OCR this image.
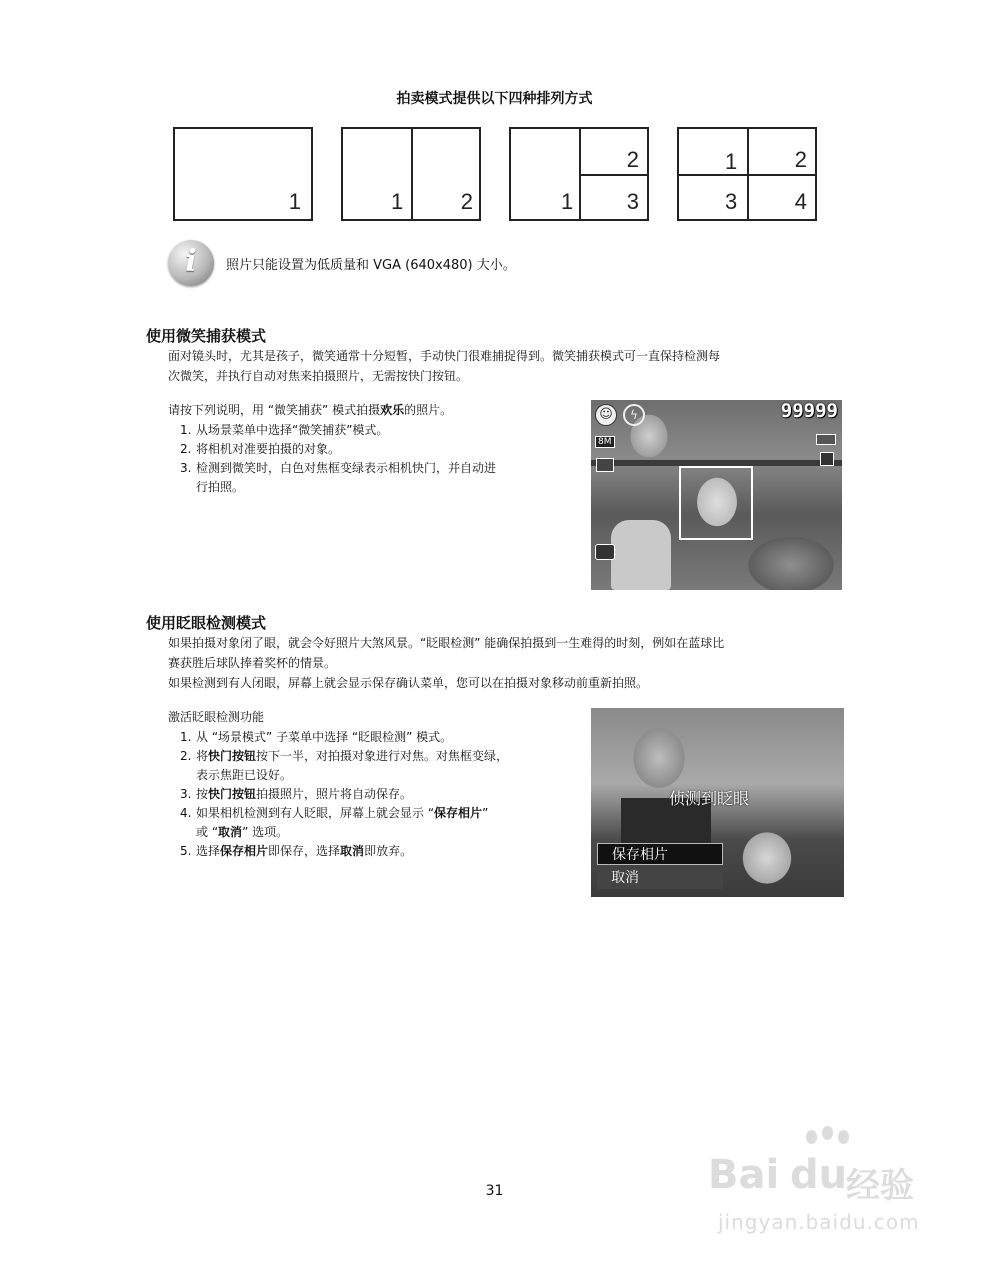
拍卖模式提供以下四种排列方式
1	1	2	1
2
3
1	2
3	4
i	照片只能设置为低质量和 VGA (640x480) 大小。
使用微笑捕获模式
面对镜头时，尤其是孩子，微笑通常十分短暂，手动快门很难捕捉得到。微笑捕获模式可一直保持检测每
次微笑，并执行自动对焦来拍摄照片，无需按快门按钮。
请按下列说明，用 “微笑捕获” 模式拍摄欢乐的照片。
1. 从场景菜单中选择“微笑捕获”模式。
2. 将相机对准要拍摄的对象。
3. 检测到微笑时，白色对焦框变绿表示相机快门，并自动进
行拍照。
☺	ϟ	99999
8M
使用眨眼检测模式
如果拍摄对象闭了眼，就会令好照片大煞风景。“眨眼检测” 能确保拍摄到一生难得的时刻，例如在蓝球比
赛获胜后球队捧着奖杯的情景。
如果检测到有人闭眼，屏幕上就会显示保存确认菜单，您可以在拍摄对象移动前重新拍照。
激活眨眼检测功能
1. 从 “场景模式” 子菜单中选择 “眨眼检测” 模式。
2. 将快门按钮按下一半，对拍摄对象进行对焦。对焦框变绿，
表示焦距已设好。
3. 按快门按钮拍摄照片，照片将自动保存。
4. 如果相机检测到有人眨眼，屏幕上就会显示 “保存相片”
或 “取消” 选项。
5. 选择保存相片即保存，选择取消即放弃。
侦测到眨眼
保存相片
取消
31	Bai du
经验
jingyan.baidu.com
